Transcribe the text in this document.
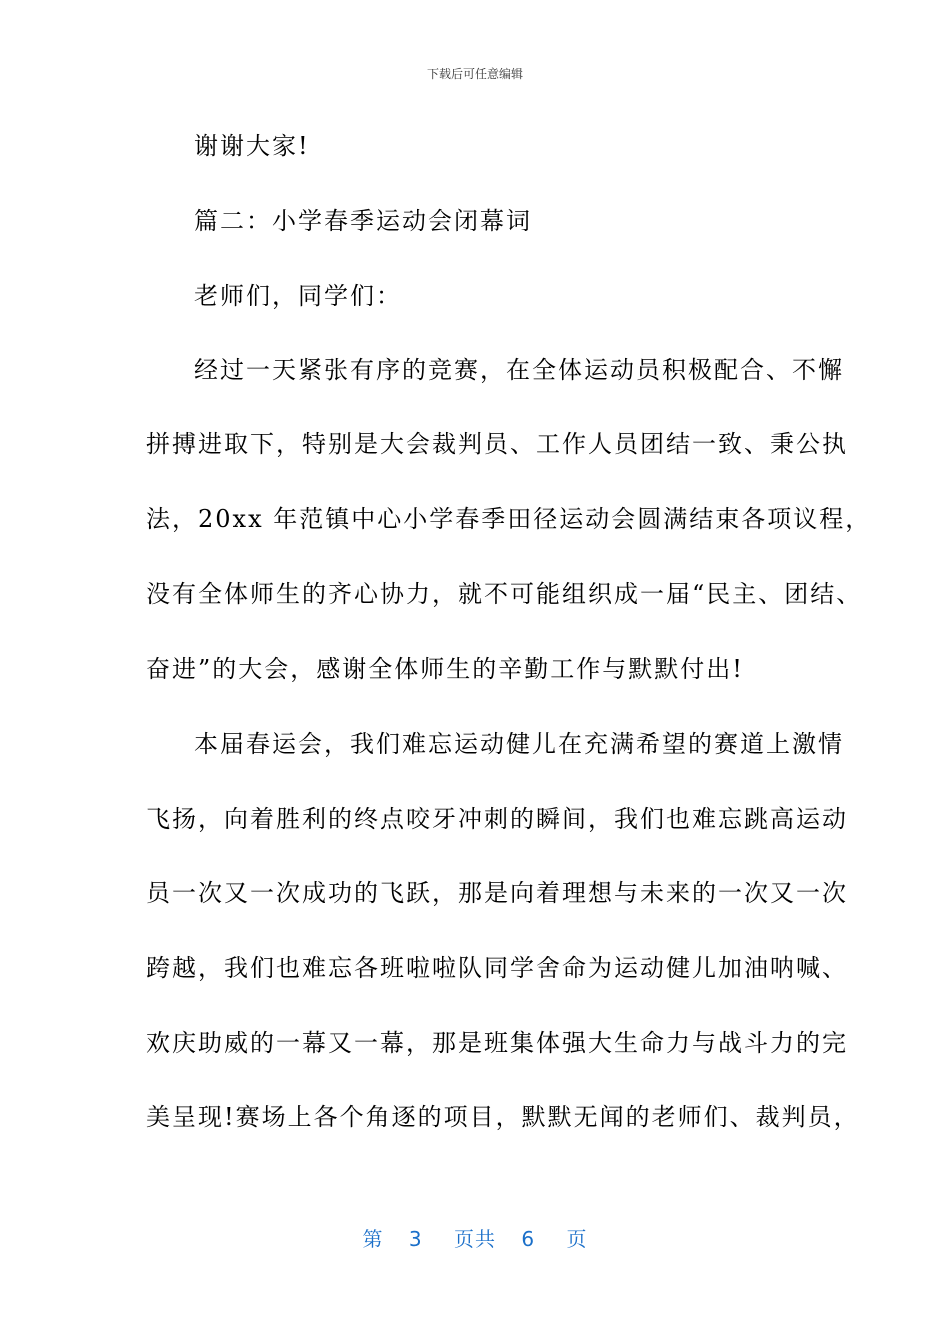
下载后可任意编辑
谢谢大家!
篇二：小学春季运动会闭幕词
老师们，同学们：
经过一天紧张有序的竞赛，在全体运动员积极配合、不懈
拼搏进取下，特别是大会裁判员、工作人员团结一致、秉公执
法，20xx 年范镇中心小学春季田径运动会圆满结束各项议程，
没有全体师生的齐心协力，就不可能组织成一届“民主、团结、
奋进”的大会，感谢全体师生的辛勤工作与默默付出!
本届春运会，我们难忘运动健儿在充满希望的赛道上激情
飞扬，向着胜利的终点咬牙冲刺的瞬间，我们也难忘跳高运动
员一次又一次成功的飞跃，那是向着理想与未来的一次又一次
跨越，我们也难忘各班啦啦队同学舍命为运动健儿加油呐喊、
欢庆助威的一幕又一幕，那是班集体强大生命力与战斗力的完
美呈现!赛场上各个角逐的项目，默默无闻的老师们、裁判员，
第 3 页共 6 页
